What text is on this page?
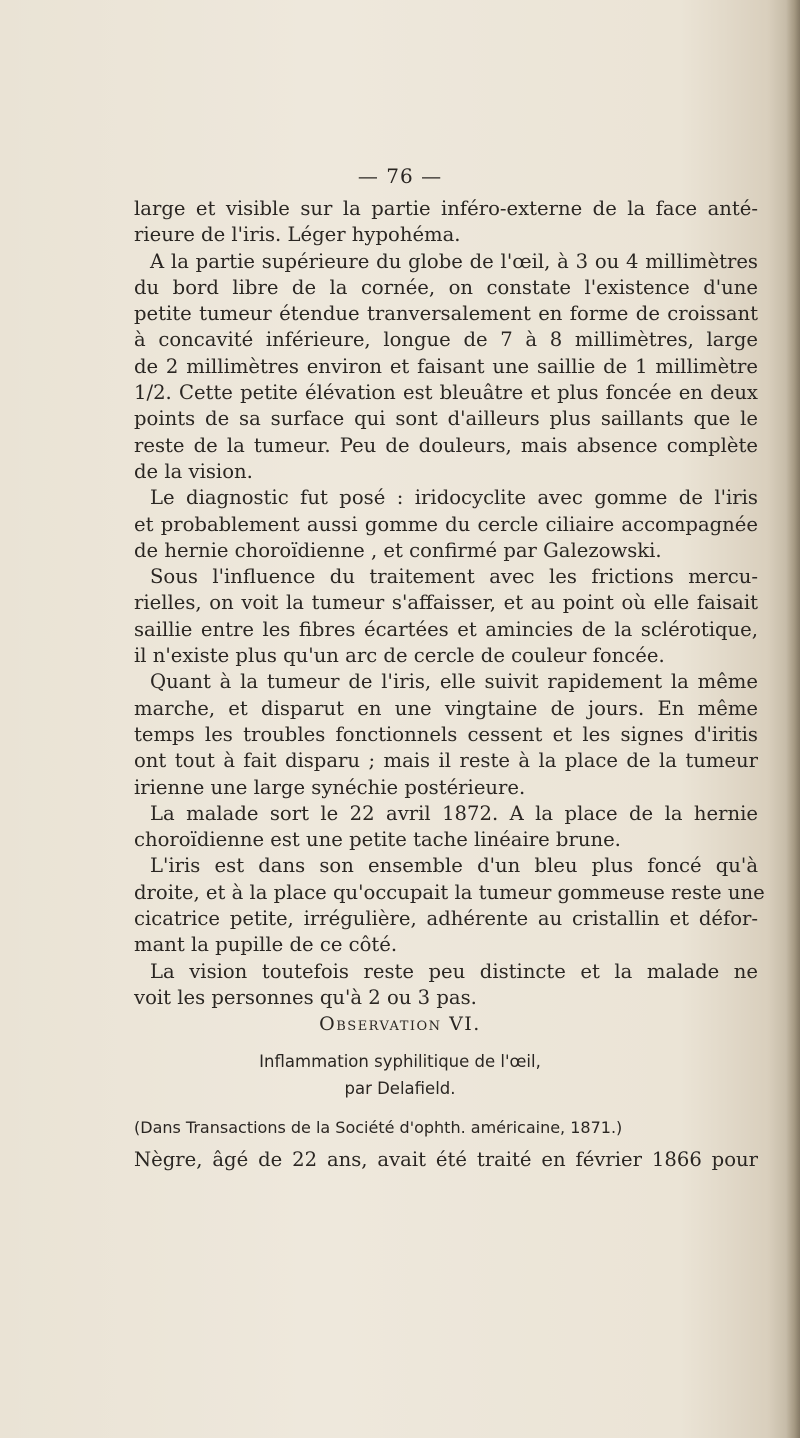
— 76 —
large et visible sur la partie inféro-externe de la face anté-
rieure de l'iris. Léger hypohéma.
A la partie supérieure du globe de l'œil, à 3 ou 4 millimètres
du bord libre de la cornée, on constate l'existence d'une
petite tumeur étendue tranversalement en forme de croissant
à concavité inférieure, longue de 7 à 8 millimètres, large
de 2 millimètres environ et faisant une saillie de 1 millimètre
1/2. Cette petite élévation est bleuâtre et plus foncée en deux
points de sa surface qui sont d'ailleurs plus saillants que le
reste de la tumeur. Peu de douleurs, mais absence complète
de la vision.
Le diagnostic fut posé : iridocyclite avec gomme de l'iris
et probablement aussi gomme du cercle ciliaire accompagnée
de hernie choroïdienne , et confirmé par Galezowski.
Sous l'influence du traitement avec les frictions mercu-
rielles, on voit la tumeur s'affaisser, et au point où elle faisait
saillie entre les fibres écartées et amincies de la sclérotique,
il n'existe plus qu'un arc de cercle de couleur foncée.
Quant à la tumeur de l'iris, elle suivit rapidement la même
marche, et disparut en une vingtaine de jours. En même
temps les troubles fonctionnels cessent et les signes d'iritis
ont tout à fait disparu ; mais il reste à la place de la tumeur
irienne une large synéchie postérieure.
La malade sort le 22 avril 1872. A la place de la hernie
choroïdienne est une petite tache linéaire brune.
L'iris est dans son ensemble d'un bleu plus foncé qu'à
droite, et à la place qu'occupait la tumeur gommeuse reste une
cicatrice petite, irrégulière, adhérente au cristallin et défor-
mant la pupille de ce côté.
La vision toutefois reste peu distincte et la malade ne
voit les personnes qu'à 2 ou 3 pas.
Observation VI.
Inflammation syphilitique de l'œil,
par Delafield.
(Dans Transactions de la Société d'ophth. américaine, 1871.)
Nègre, âgé de 22 ans, avait été traité en février 1866 pour
